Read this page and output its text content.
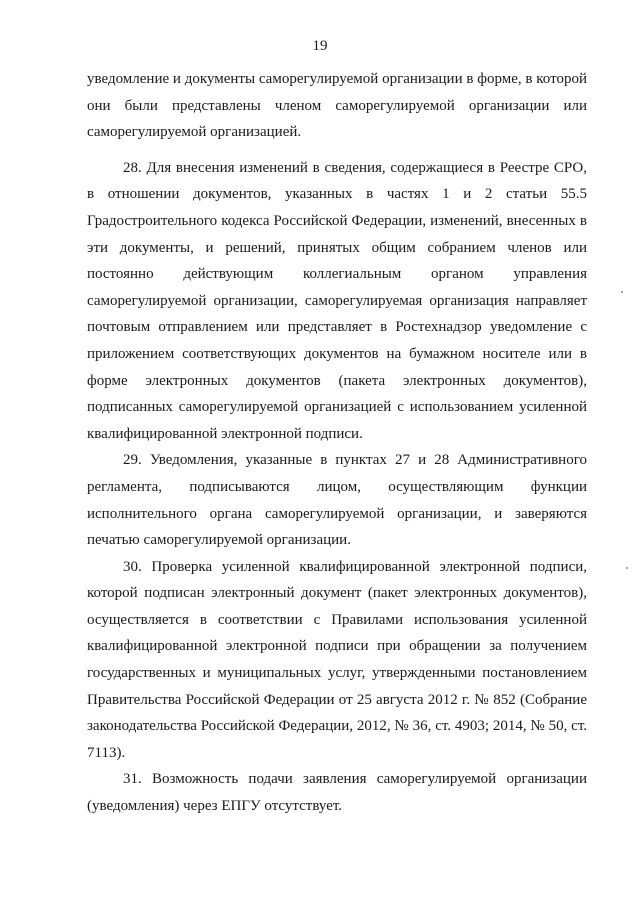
19

уведомление и документы саморегулируемой организации в форме, в которой они были представлены членом саморегулируемой организации или саморегулируемой организацией.

28. Для внесения изменений в сведения, содержащиеся в Реестре СРО, в отношении документов, указанных в частях 1 и 2 статьи 55.5 Градостроительного кодекса Российской Федерации, изменений, внесенных в эти документы, и решений, принятых общим собранием членов или постоянно действующим коллегиальным органом управления саморегулируемой организации, саморегулируемая организация направляет почтовым отправлением или представляет в Ростехнадзор уведомление с приложением соответствующих документов на бумажном носителе или в форме электронных документов (пакета электронных документов), подписанных саморегулируемой организацией с использованием усиленной квалифицированной электронной подписи.

29. Уведомления, указанные в пунктах 27 и 28 Административного регламента, подписываются лицом, осуществляющим функции исполнительного органа саморегулируемой организации, и заверяются печатью саморегулируемой организации.

30. Проверка усиленной квалифицированной электронной подписи, которой подписан электронный документ (пакет электронных документов), осуществляется в соответствии с Правилами использования усиленной квалифицированной электронной подписи при обращении за получением государственных и муниципальных услуг, утвержденными постановлением Правительства Российской Федерации от 25 августа 2012 г. № 852 (Собрание законодательства Российской Федерации, 2012, № 36, ст. 4903; 2014, № 50, ст. 7113).

31. Возможность подачи заявления саморегулируемой организации (уведомления) через ЕПГУ отсутствует.
